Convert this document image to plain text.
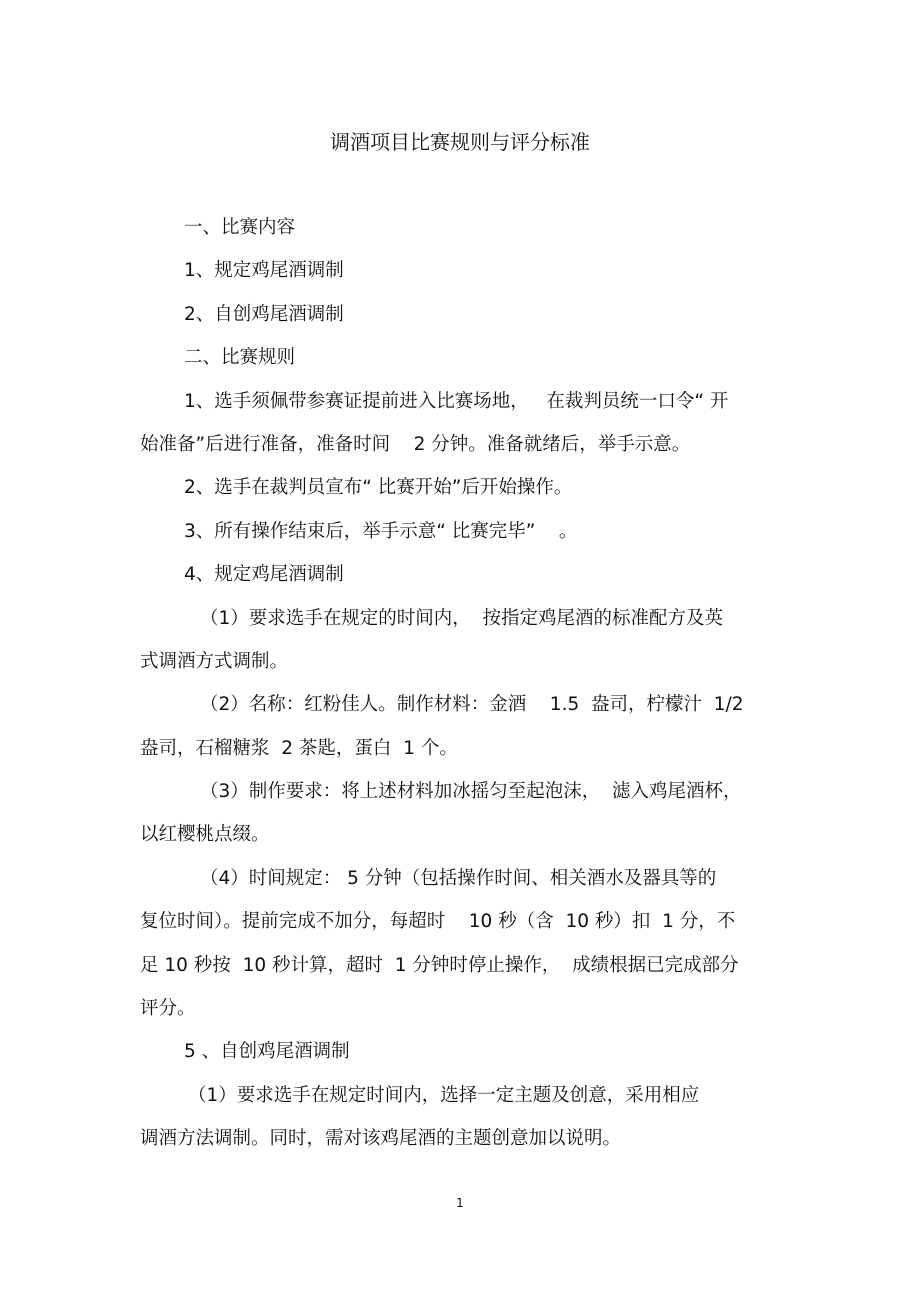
调酒项目比赛规则与评分标准
一、比赛内容
1、规定鸡尾酒调制
2、自创鸡尾酒调制
二、比赛规则
1、选手须佩带参赛证提前进入比赛场地，   在裁判员统一口令“ 开
始准备”后进行准备，准备时间    2 分钟。准备就绪后，举手示意。
2、选手在裁判员宣布“ 比赛开始”后开始操作。
3、所有操作结束后，举手示意“ 比赛完毕”    。
4、规定鸡尾酒调制
（1）要求选手在规定的时间内，  按指定鸡尾酒的标准配方及英
式调酒方式调制。
（2）名称：红粉佳人。制作材料：金酒    1.5  盎司，柠檬汁  1/2
盎司，石榴糖浆  2 茶匙，蛋白  1 个。
（3）制作要求：将上述材料加冰摇匀至起泡沫，  滤入鸡尾酒杯，
以红樱桃点缀。
（4）时间规定： 5 分钟（包括操作时间、相关酒水及器具等的
复位时间）。提前完成不加分，每超时    10 秒（含  10 秒）扣  1 分，不
足 10 秒按  10 秒计算，超时  1 分钟时停止操作，  成绩根据已完成部分
评分。
5 、自创鸡尾酒调制
（1）要求选手在规定时间内，选择一定主题及创意，采用相应
调酒方法调制。同时，需对该鸡尾酒的主题创意加以说明。
1
